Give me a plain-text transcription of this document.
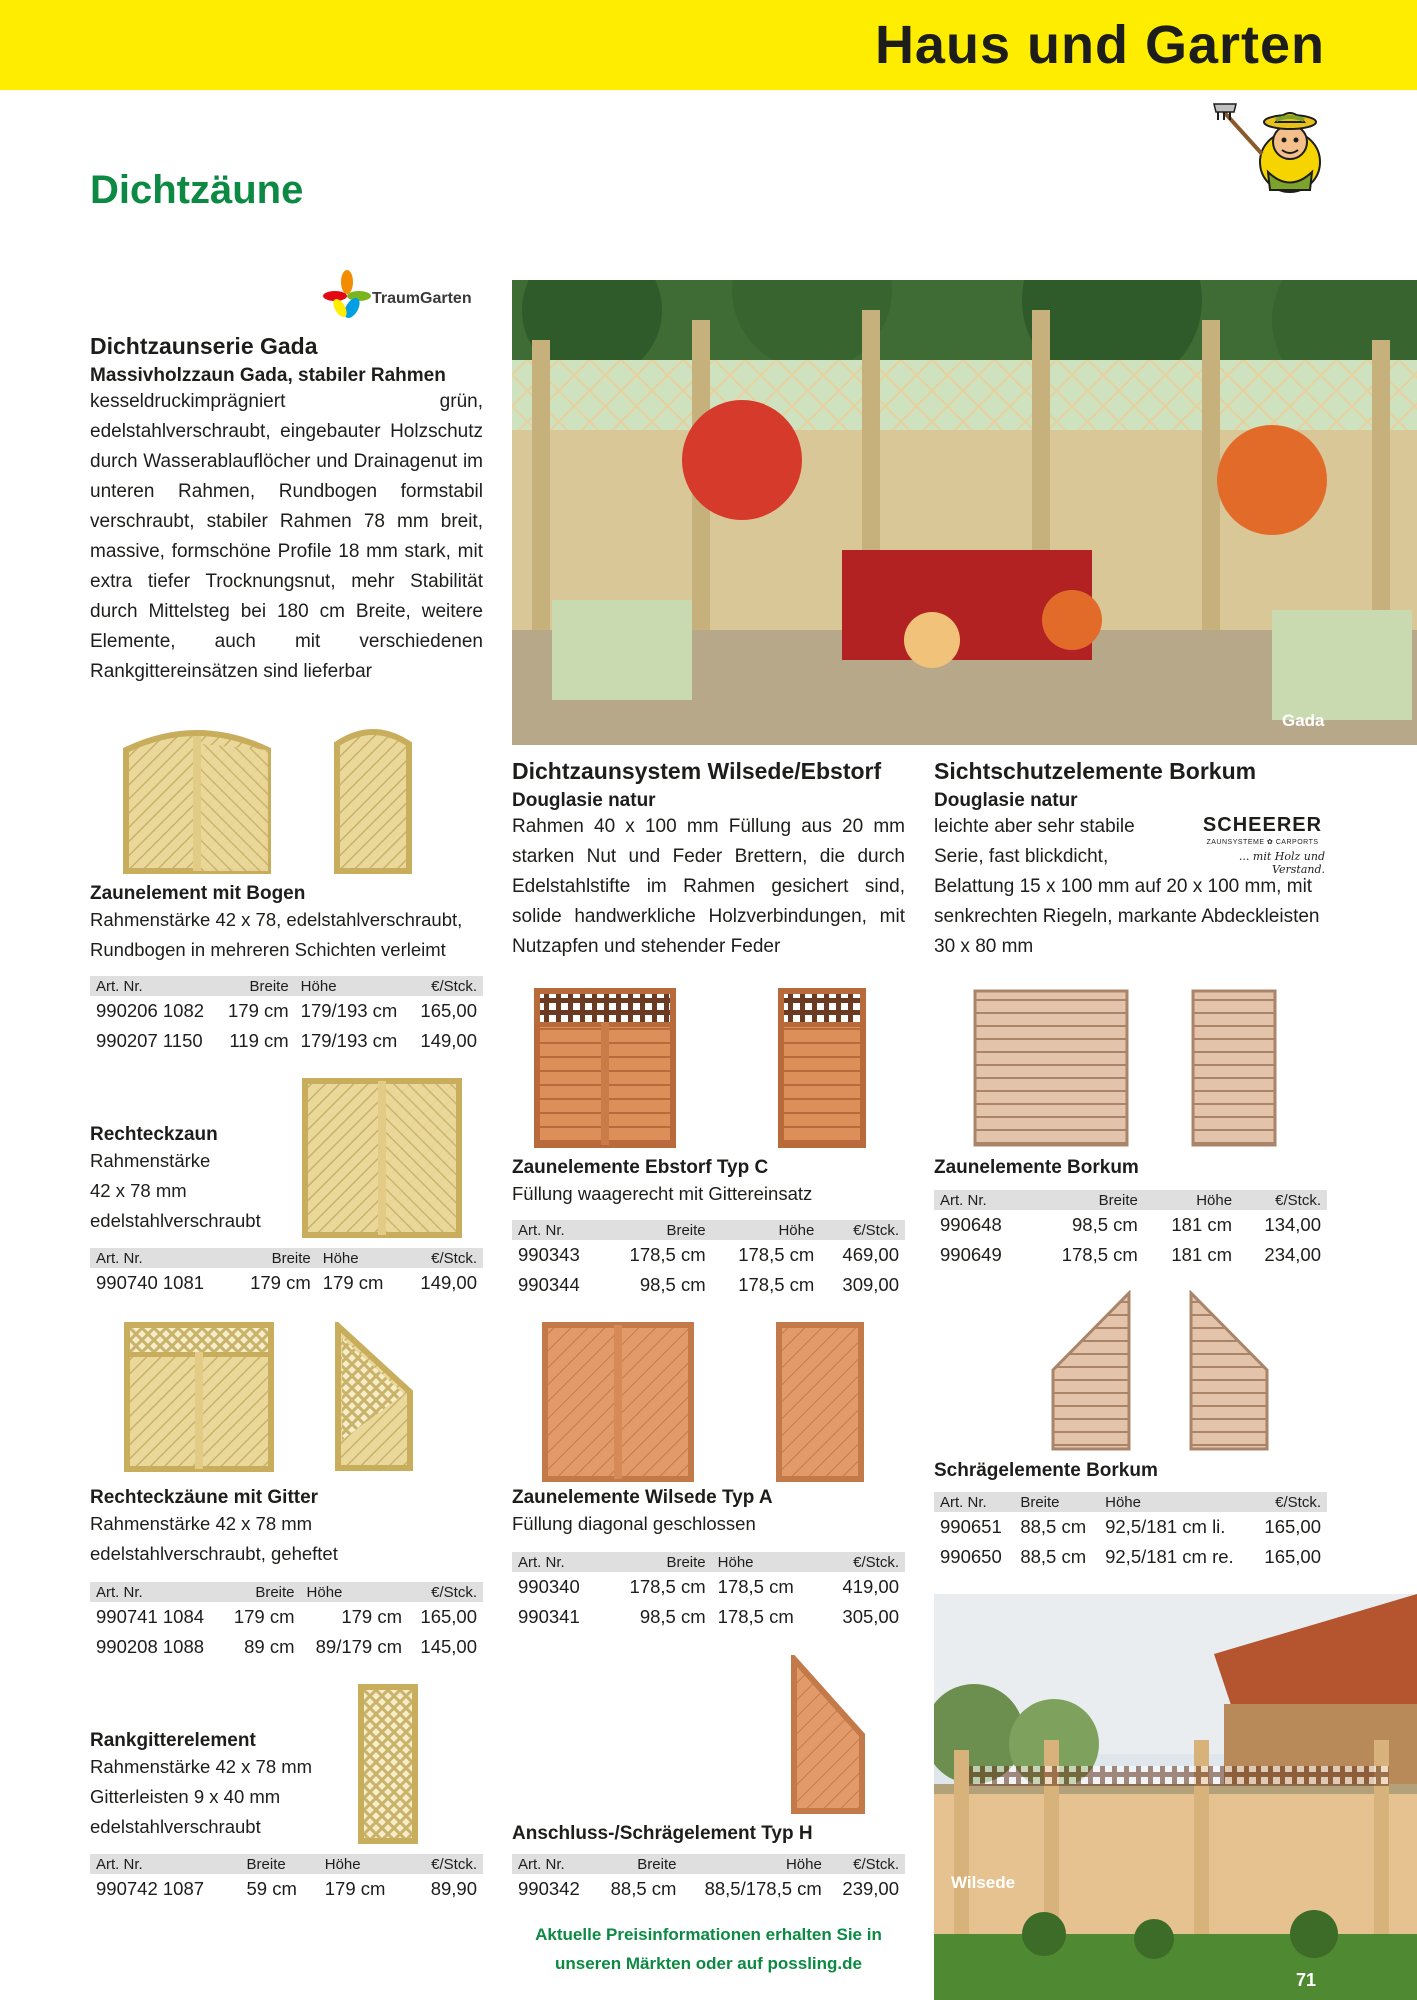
Haus und Garten
Dichtzäune
TraumGarten
Dichtzaunserie Gada
Massivholzzaun Gada, stabiler Rahmen
kesseldruckimprägniert grün, edelstahlverschraubt, eingebauter Holzschutz durch Wasserablauflöcher und Drainagenut im unteren Rahmen, Rundbogen formstabil verschraubt, stabiler Rahmen 78 mm breit, massive, formschöne Profile 18 mm stark, mit extra tiefer Trocknungsnut, mehr Stabilität durch Mittelsteg bei 180 cm Breite, weitere Elemente, auch mit verschiedenen Rankgittereinsätzen sind lieferbar
Zaunelement mit Bogen
Rahmenstärke 42 x 78, edelstahlverschraubt,
Rundbogen in mehreren Schichten verleimt
Art. Nr.	Breite	Höhe	€/Stck.
990206 1082	179 cm	179/193 cm	165,00
990207 1150	119 cm	179/193 cm	149,00
Rechteckzaun
Rahmenstärke
42 x 78 mm
edelstahlverschraubt
Art. Nr.	Breite	Höhe	€/Stck.
990740 1081	179 cm	179 cm	149,00
Rechteckzäune mit Gitter
Rahmenstärke 42 x 78 mm
edelstahlverschraubt, geheftet
Art. Nr.	Breite	Höhe	€/Stck.
990741 1084	179 cm	179 cm	165,00
990208 1088	89 cm	89/179 cm	145,00
Rankgitterelement
Rahmenstärke 42 x 78 mm
Gitterleisten 9 x 40 mm
edelstahlverschraubt
Art. Nr.	Breite	Höhe	€/Stck.
990742 1087	59 cm	179 cm	89,90
Gada
Dichtzaunsystem Wilsede/Ebstorf
Douglasie natur
Rahmen 40 x 100 mm Füllung aus 20 mm starken Nut und Feder Brettern, die durch Edelstahlstifte im Rahmen gesichert sind, solide handwerkliche Holzverbindungen, mit Nutzapfen und stehender Feder
Zaunelemente Ebstorf Typ C
Füllung waagerecht mit Gittereinsatz
Art. Nr.	Breite	Höhe	€/Stck.
990343	178,5 cm	178,5 cm	469,00
990344	98,5 cm	178,5 cm	309,00
Zaunelemente Wilsede Typ A
Füllung diagonal geschlossen
Art. Nr.	Breite	Höhe	€/Stck.
990340	178,5 cm	178,5 cm	419,00
990341	98,5 cm	178,5 cm	305,00
Anschluss-/Schrägelement Typ H
Art. Nr.	Breite	Höhe	€/Stck.
990342	88,5 cm	88,5/178,5 cm	239,00
Aktuelle Preisinformationen erhalten Sie in
unseren Märkten oder auf possling.de
Sichtschutzelemente Borkum
Douglasie natur
leichte aber sehr stabile
Serie, fast blickdicht,
Belattung 15 x 100 mm auf 20 x 100 mm, mit senkrechten Riegeln, markante Abdeckleisten 30 x 80 mm
SCHEERER
ZAUNSYSTEME ✿ CARPORTS
... mit Holz und Verstand.
Zaunelemente Borkum
Art. Nr.	Breite	Höhe	€/Stck.
990648	98,5 cm	181 cm	134,00
990649	178,5 cm	181 cm	234,00
Schrägelemente Borkum
Art. Nr.	Breite	Höhe	€/Stck.
990651	88,5 cm	92,5/181 cm li.	165,00
990650	88,5 cm	92,5/181 cm re.	165,00
Wilsede
71
